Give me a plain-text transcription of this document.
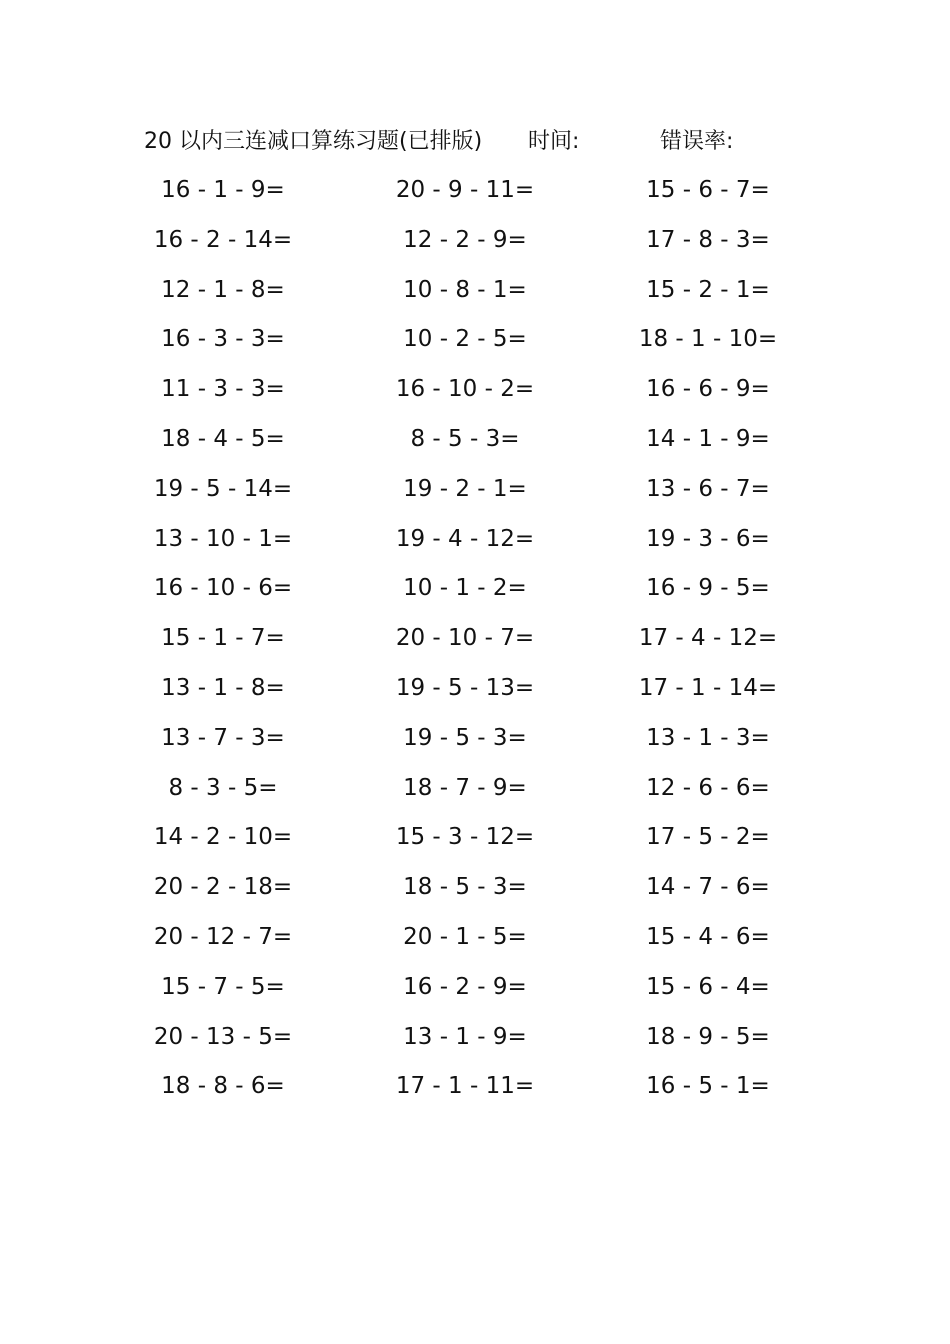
20 以内三连减口算练习题(已排版) 时间:	错误率:
16 - 1 - 9=	20 - 9 - 11=	15 - 6 - 7=
16 - 2 - 14=	12 - 2 - 9=	17 - 8 - 3=
12 - 1 - 8=	10 - 8 - 1=	15 - 2 - 1=
16 - 3 - 3=	10 - 2 - 5=	18 - 1 - 10=
11 - 3 - 3=	16 - 10 - 2=	16 - 6 - 9=
18 - 4 - 5=	8 - 5 - 3=	14 - 1 - 9=
19 - 5 - 14=	19 - 2 - 1=	13 - 6 - 7=
13 - 10 - 1=	19 - 4 - 12=	19 - 3 - 6=
16 - 10 - 6=	10 - 1 - 2=	16 - 9 - 5=
15 - 1 - 7=	20 - 10 - 7=	17 - 4 - 12=
13 - 1 - 8=	19 - 5 - 13=	17 - 1 - 14=
13 - 7 - 3=	19 - 5 - 3=	13 - 1 - 3=
8 - 3 - 5=	18 - 7 - 9=	12 - 6 - 6=
14 - 2 - 10=	15 - 3 - 12=	17 - 5 - 2=
20 - 2 - 18=	18 - 5 - 3=	14 - 7 - 6=
20 - 12 - 7=	20 - 1 - 5=	15 - 4 - 6=
15 - 7 - 5=	16 - 2 - 9=	15 - 6 - 4=
20 - 13 - 5=	13 - 1 - 9=	18 - 9 - 5=
18 - 8 - 6=	17 - 1 - 11=	16 - 5 - 1=
